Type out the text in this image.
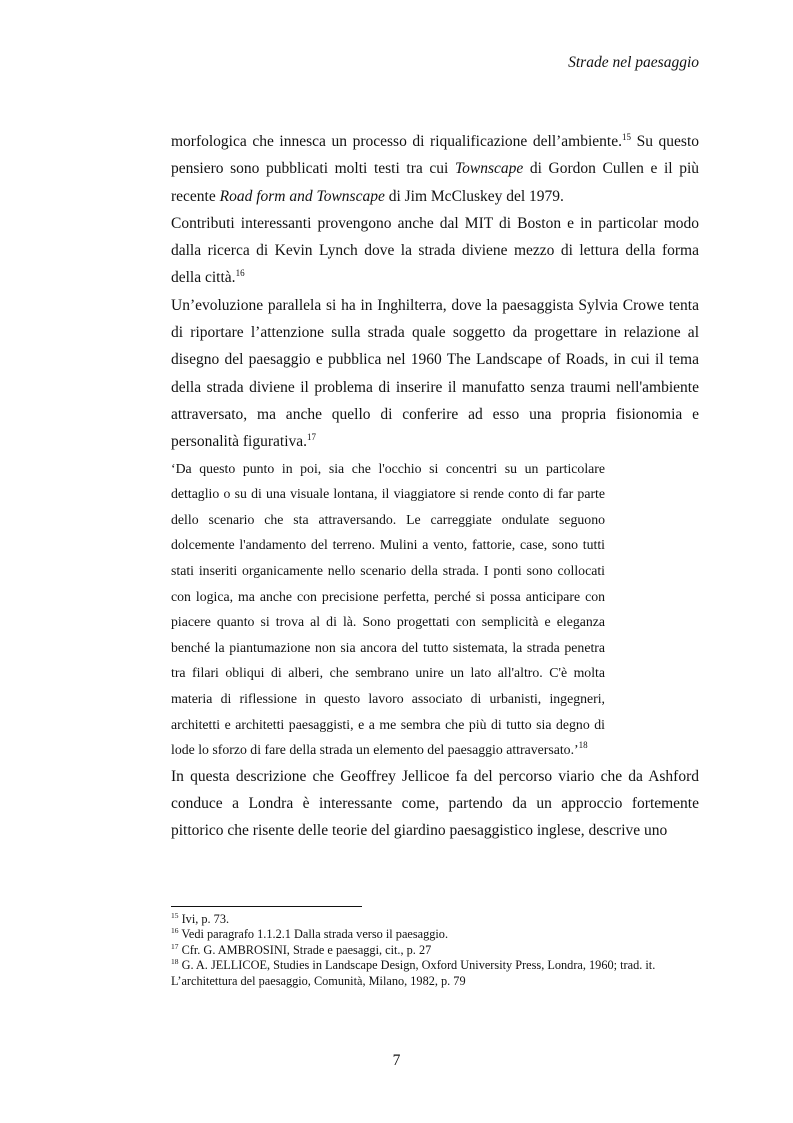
Strade nel paesaggio

morfologica che innesca un processo di riqualificazione dell’ambiente.$^{15}$ Su questo pensiero sono pubblicati molti testi tra cui Townscape di Gordon Cullen e il più recente Road form and Townscape di Jim McCluskey del 1979.

Contributi interessanti provengono anche dal MIT di Boston e in particolar modo dalla ricerca di Kevin Lynch dove la strada diviene mezzo di lettura della forma della città.$^{16}$

Un’evoluzione parallela si ha in Inghilterra, dove la paesaggista Sylvia Crowe tenta di riportare l’attenzione sulla strada quale soggetto da progettare in relazione al disegno del paesaggio e pubblica nel 1960 The Landscape of Roads, in cui il tema della strada diviene il problema di inserire il manufatto senza traumi nell'ambiente attraversato, ma anche quello di conferire ad esso una propria fisionomia e personalità figurativa.$^{17}$

‘Da questo punto in poi, sia che l'occhio si concentri su un particolare dettaglio o su di una visuale lontana, il viaggiatore si rende conto di far parte dello scenario che sta attraversando. Le carreggiate ondulate seguono dolcemente l'andamento del terreno. Mulini a vento, fattorie, case, sono tutti stati inseriti organicamente nello scenario della strada. I ponti sono collocati con logica, ma anche con precisione perfetta, perché si possa anticipare con piacere quanto si trova al di là. Sono progettati con semplicità e eleganza benché la piantumazione non sia ancora del tutto sistemata, la strada penetra tra filari obliqui di alberi, che sembrano unire un lato all'altro. C'è molta materia di riflessione in questo lavoro associato di urbanisti, ingegneri, architetti e architetti paesaggisti, e a me sembra che più di tutto sia degno di lode lo sforzo di fare della strada un elemento del paesaggio attraversato.’$^{18}$

In questa descrizione che Geoffrey Jellicoe fa del percorso viario che da Ashford conduce a Londra è interessante come, partendo da un approccio fortemente pittorico che risente delle teorie del giardino paesaggistico inglese, descrive uno

$^{15}$ Ivi, p. 73.

$^{16}$ Vedi paragrafo 1.1.2.1 Dalla strada verso il paesaggio.

$^{17}$ Cfr. G. AMBROSINI, Strade e paesaggi, cit., p. 27

$^{18}$ G. A. JELLICOE, Studies in Landscape Design, Oxford University Press, Londra, 1960; trad. it. L’architettura del paesaggio, Comunità, Milano, 1982, p. 79

7
